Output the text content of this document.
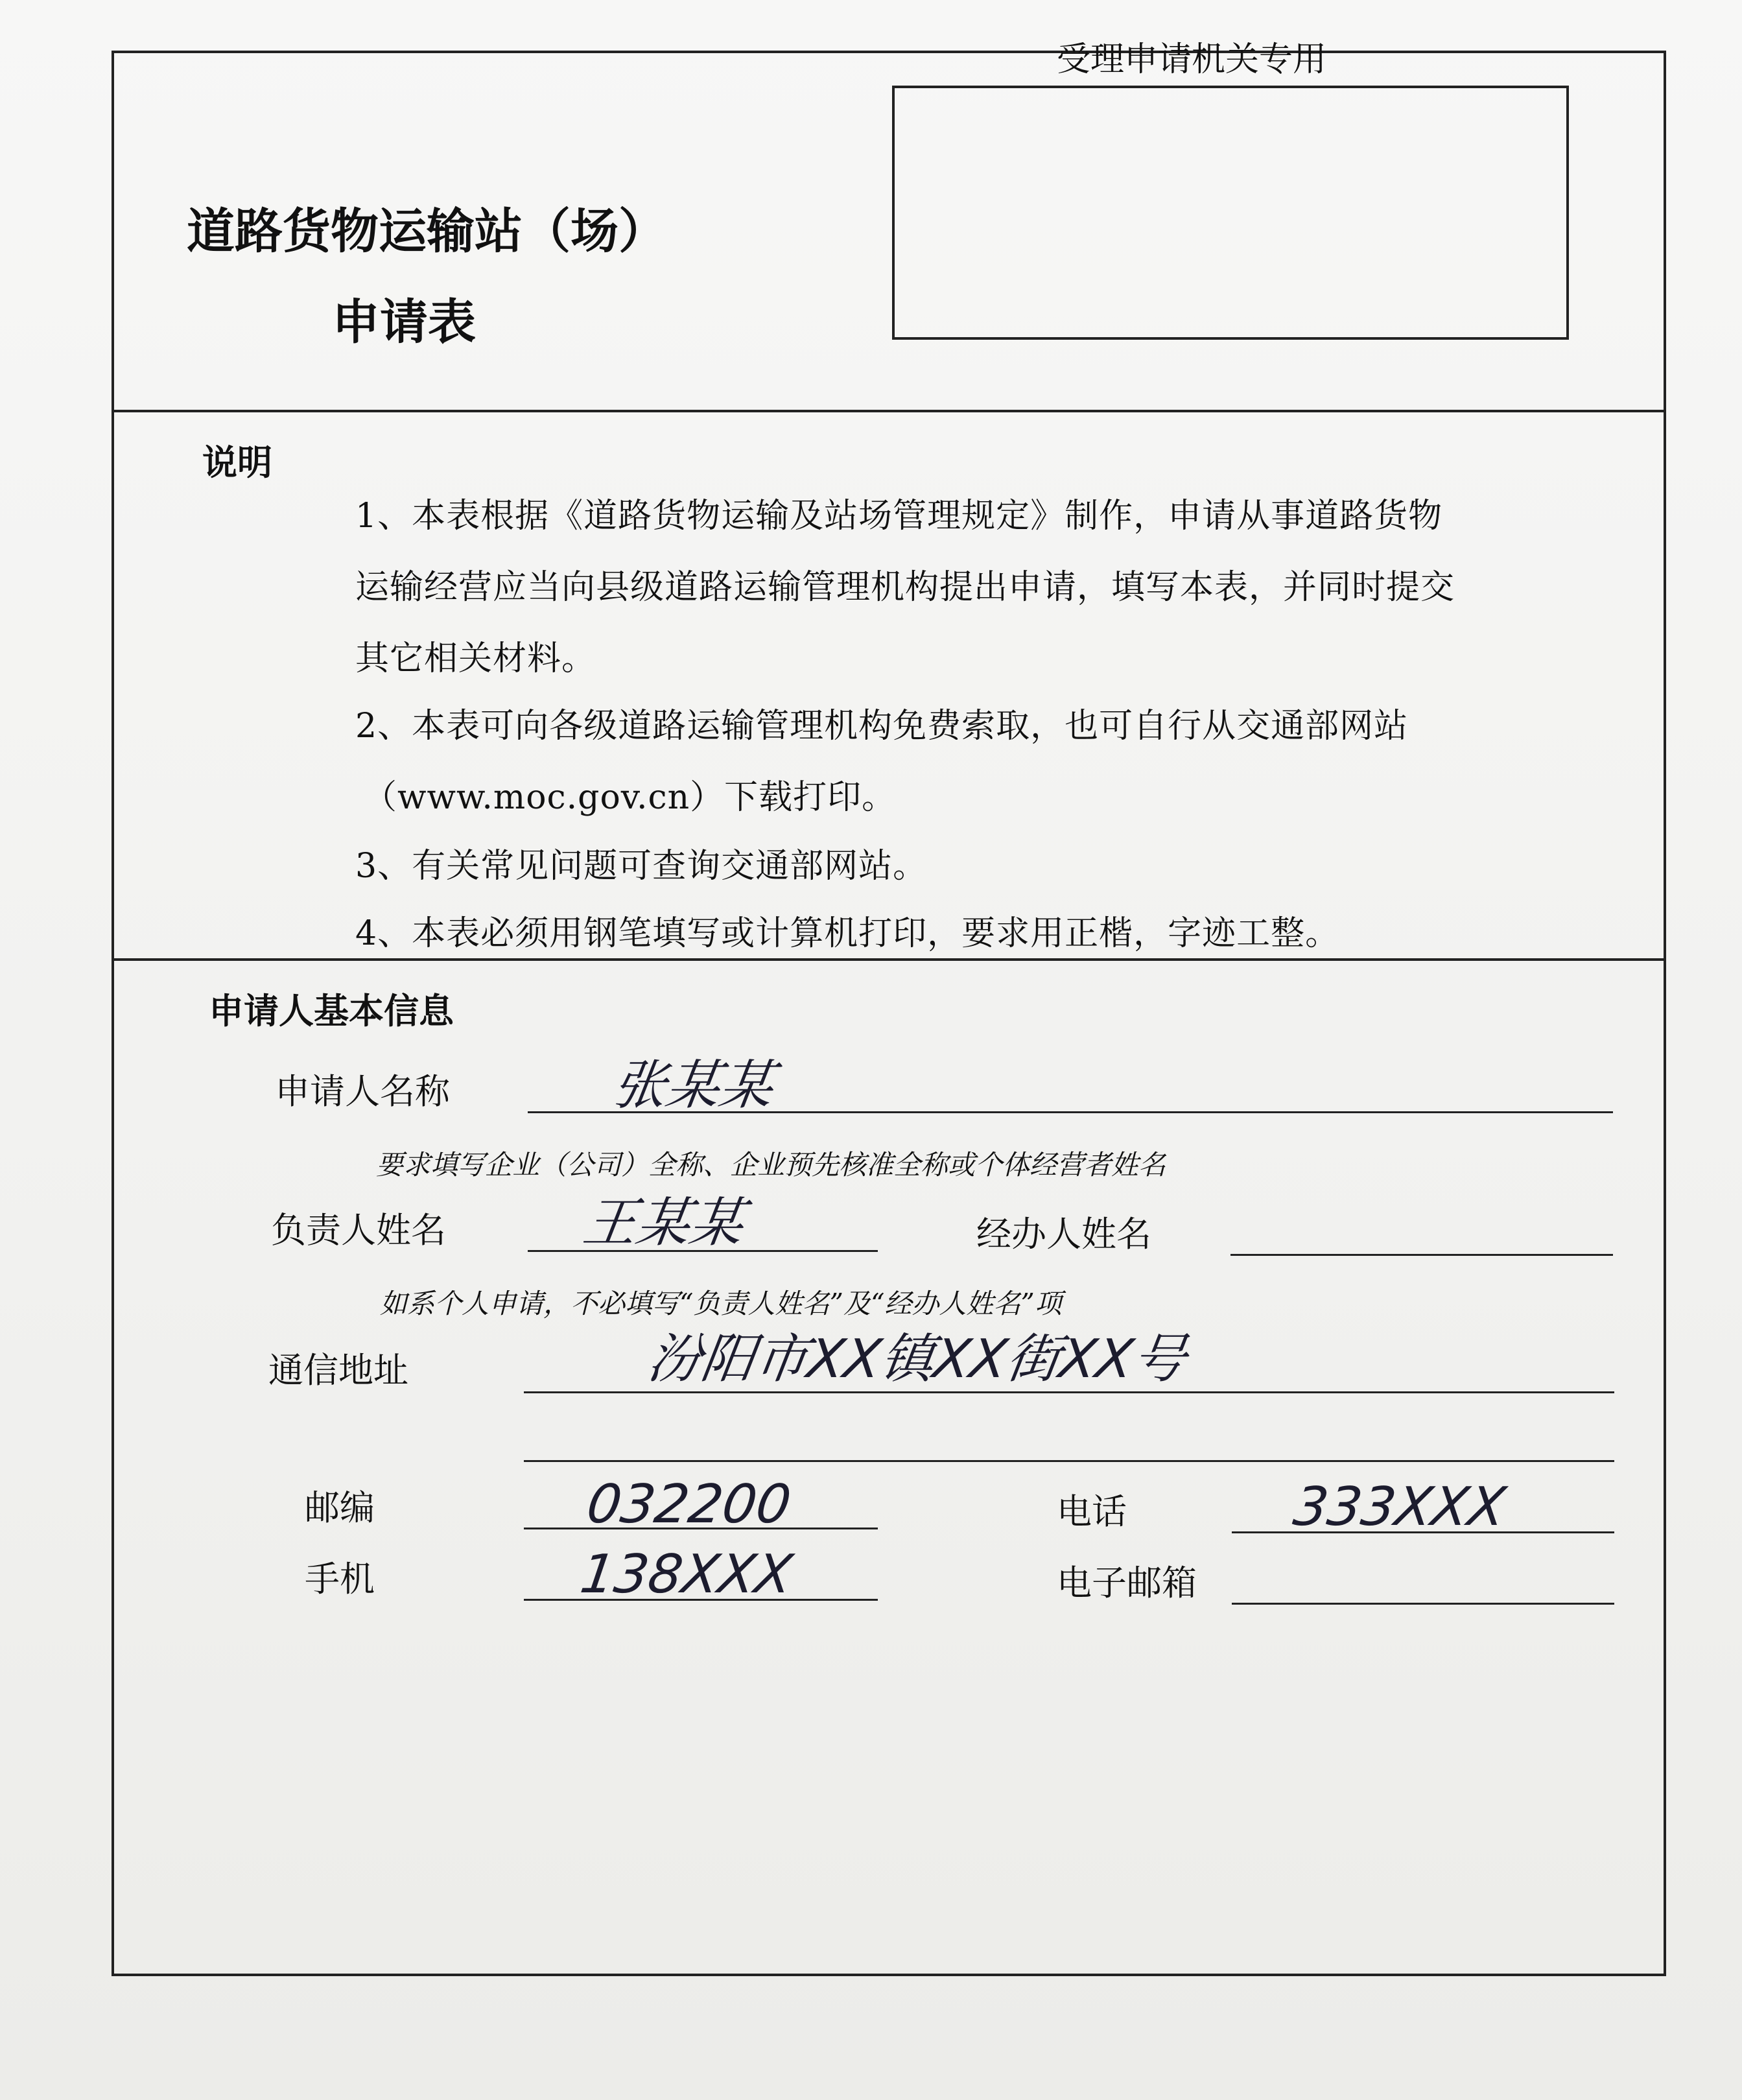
受理申请机关专用
道路货物运输站（场）
申请表
说明
1、本表根据《道路货物运输及站场管理规定》制作，申请从事道路货物
运输经营应当向县级道路运输管理机构提出申请，填写本表，并同时提交
其它相关材料。
2、本表可向各级道路运输管理机构免费索取，也可自行从交通部网站
（www.moc.gov.cn）下载打印。
3、有关常见问题可查询交通部网站。
4、本表必须用钢笔填写或计算机打印，要求用正楷，字迹工整。
申请人基本信息
申请人名称	张某某
要求填写企业（公司）全称、企业预先核准全称或个体经营者姓名
负责人姓名	王某某	经办人姓名
如系个人申请，不必填写“负责人姓名”及“经办人姓名”项
通信地址	汾阳市XX镇XX街XX号
邮编	032200	电话	333XXX
手机	138XXX	电子邮箱
